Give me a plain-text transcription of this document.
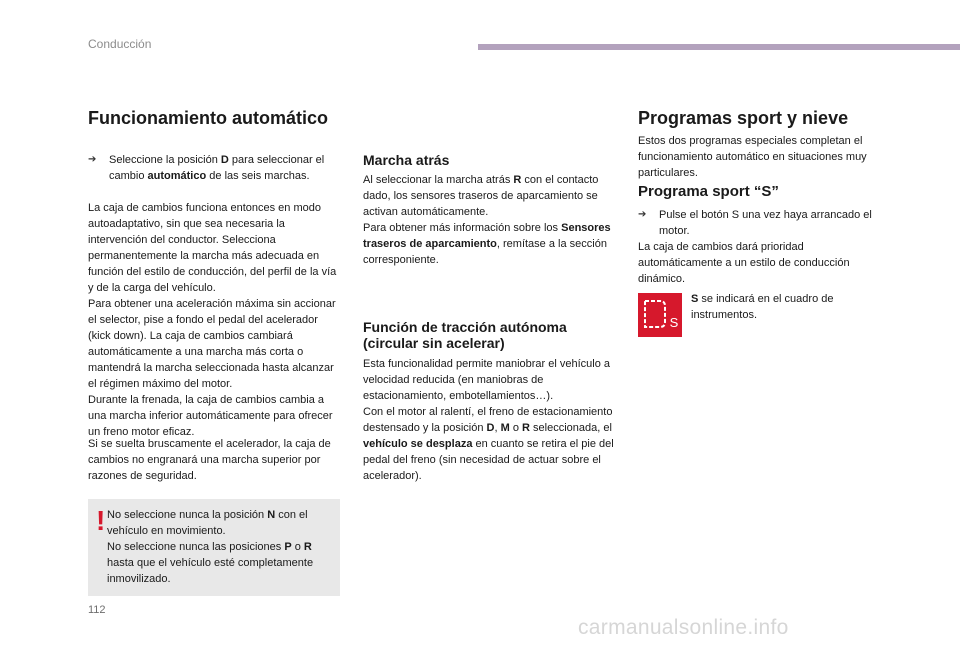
Conducción
Funcionamiento automático
➔	Seleccione la posición D para seleccionar el cambio automático de las seis marchas.

La caja de cambios funciona entonces en modo autoadaptativo, sin que sea necesaria la intervención del conductor. Selecciona permanentemente la marcha más adecuada en función del estilo de conducción, del perfil de la vía y de la carga del vehículo.

Para obtener una aceleración máxima sin accionar el selector, pise a fondo el pedal del acelerador (kick down). La caja de cambios cambiará automáticamente a una marcha más corta o mantendrá la marcha seleccionada hasta alcanzar el régimen máximo del motor.

Durante la frenada, la caja de cambios cambia a una marcha inferior automáticamente para ofrecer un freno motor eficaz.

Si se suelta bruscamente el acelerador, la caja de cambios no engranará una marcha superior por razones de seguridad.

! No seleccione nunca la posición N con el vehículo en movimiento.
No seleccione nunca las posiciones P o R hasta que el vehículo esté completamente inmovilizado.
Marcha atrás

Al seleccionar la marcha atrás R con el contacto dado, los sensores traseros de aparcamiento se activan automáticamente.
Para obtener más información sobre los Sensores traseros de aparcamiento, remítase a la sección corresponiente.

Función de tracción autónoma (circular sin acelerar)

Esta funcionalidad permite maniobrar el vehículo a velocidad reducida (en maniobras de estacionamiento, embotellamientos…).

Con el motor al ralentí, el freno de estacionamiento destensado y la posición D, M o R seleccionada, el vehículo se desplaza en cuanto se retira el pie del pedal del freno (sin necesidad de actuar sobre el acelerador).

Programas sport y nieve

Estos dos programas especiales completan el funcionamiento automático en situaciones muy particulares.

Programa sport “S”
➔	Pulse el botón S una vez haya arrancado el motor.

La caja de cambios dará prioridad automáticamente a un estilo de conducción dinámico.

S

S se indicará en el cuadro de instrumentos.

112
carmanualsonline.info
